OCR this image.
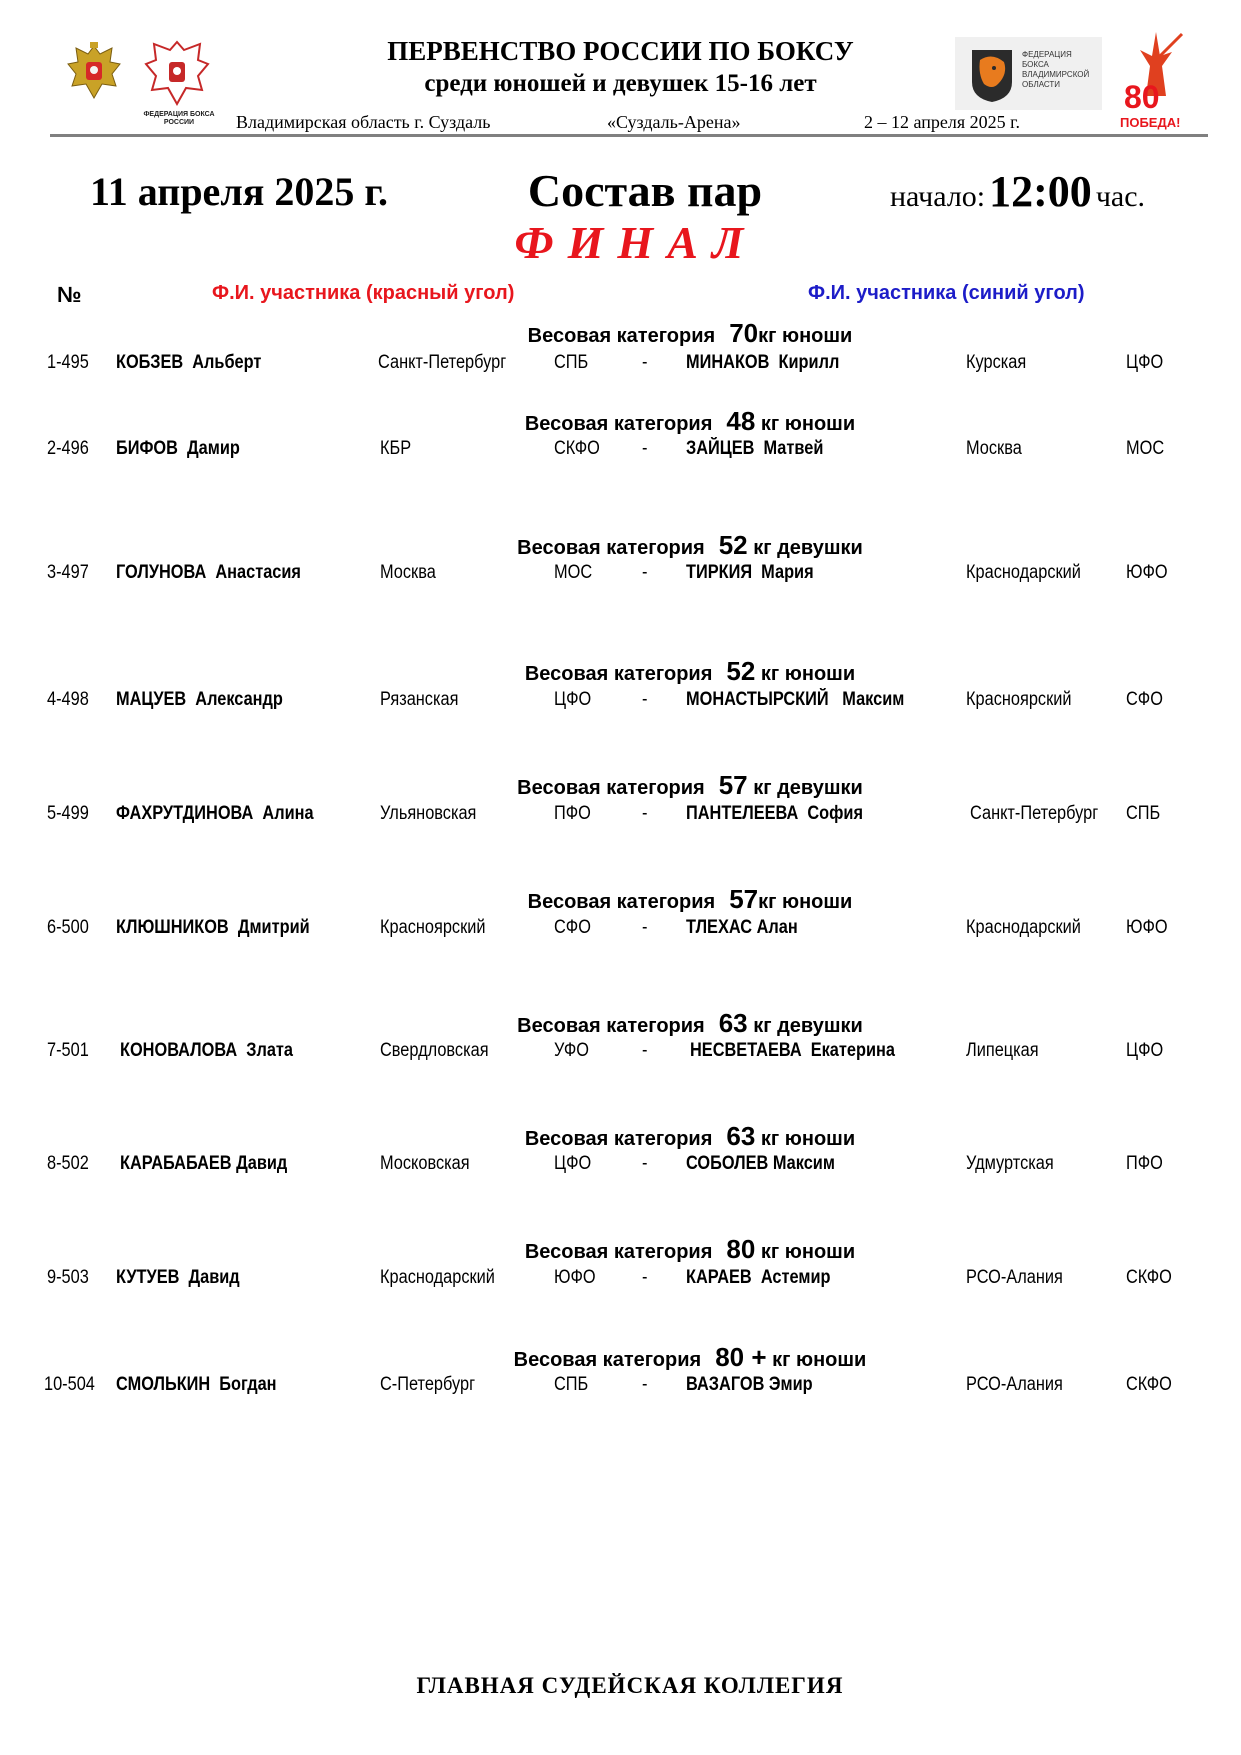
ФЕДЕРАЦИЯ БОКСА РОССИИ
ФЕДЕРАЦИЯ БОКСА ВЛАДИМИРСКОЙ ОБЛАСТИ	80
ПОБЕДА!
ПЕРВЕНСТВО РОССИИ ПО БОКСУ
среди юношей и девушек 15-16 лет
Владимирская область г. Суздаль	«Суздаль-Арена»	2 – 12 апреля 2025 г.
11 апреля 2025 г.	Состав пар	начало: 12:00 час.
ФИНАЛ
№	Ф.И. участника (красный угол)	Ф.И. участника (синий угол)
Весовая категория 70кг юноши
1-495 КОБЗЕВ  Альберт	Санкт-Петербург	СПБ	- МИНАКОВ  Кирилл	Курская	ЦФО
Весовая категория 48 кг юноши
2-496 БИФОВ  Дамир	КБР	СКФО - ЗАЙЦЕВ  Матвей	Москва	МОС
Весовая категория 52 кг девушки
3-497 ГОЛУНОВА  Анастасия	Москва	МОС	- ТИРКИЯ  Мария	Краснодарский ЮФО
Весовая категория 52 кг юноши
4-498 МАЦУЕВ  Александр	Рязанская	ЦФО	- МОНАСТЫРСКИЙ   Максим	Красноярский	СФО
Весовая категория 57 кг девушки
5-499 ФАХРУТДИНОВА  Алина	Ульяновская	ПФО	- ПАНТЕЛЕЕВА  София	Санкт-Петербург СПБ
Весовая категория 57кг юноши
6-500 КЛЮШНИКОВ  Дмитрий	Красноярский	СФО	- ТЛЕХАС Алан	Краснодарский ЮФО
Весовая категория 63 кг девушки
7-501 КОНОВАЛОВА  Злата	Свердловская	УФО	- НЕСВЕТАЕВА  Екатерина	Липецкая	ЦФО
Весовая категория 63 кг юноши
8-502 КАРАБАБАЕВ Давид	Московская	ЦФО	- СОБОЛЕВ Максим	Удмуртская	ПФО
Весовая категория 80 кг юноши
9-503 КУТУЕВ  Давид	Краснодарский	ЮФО - КАРАЕВ  Астемир	РСО-Алания	СКФО
Весовая категория 80 + кг юноши
10-504 СМОЛЬКИН  Богдан	С-Петербург	СПБ	- ВАЗАГОВ Эмир	РСО-Алания	СКФО
ГЛАВНАЯ СУДЕЙСКАЯ КОЛЛЕГИЯ
